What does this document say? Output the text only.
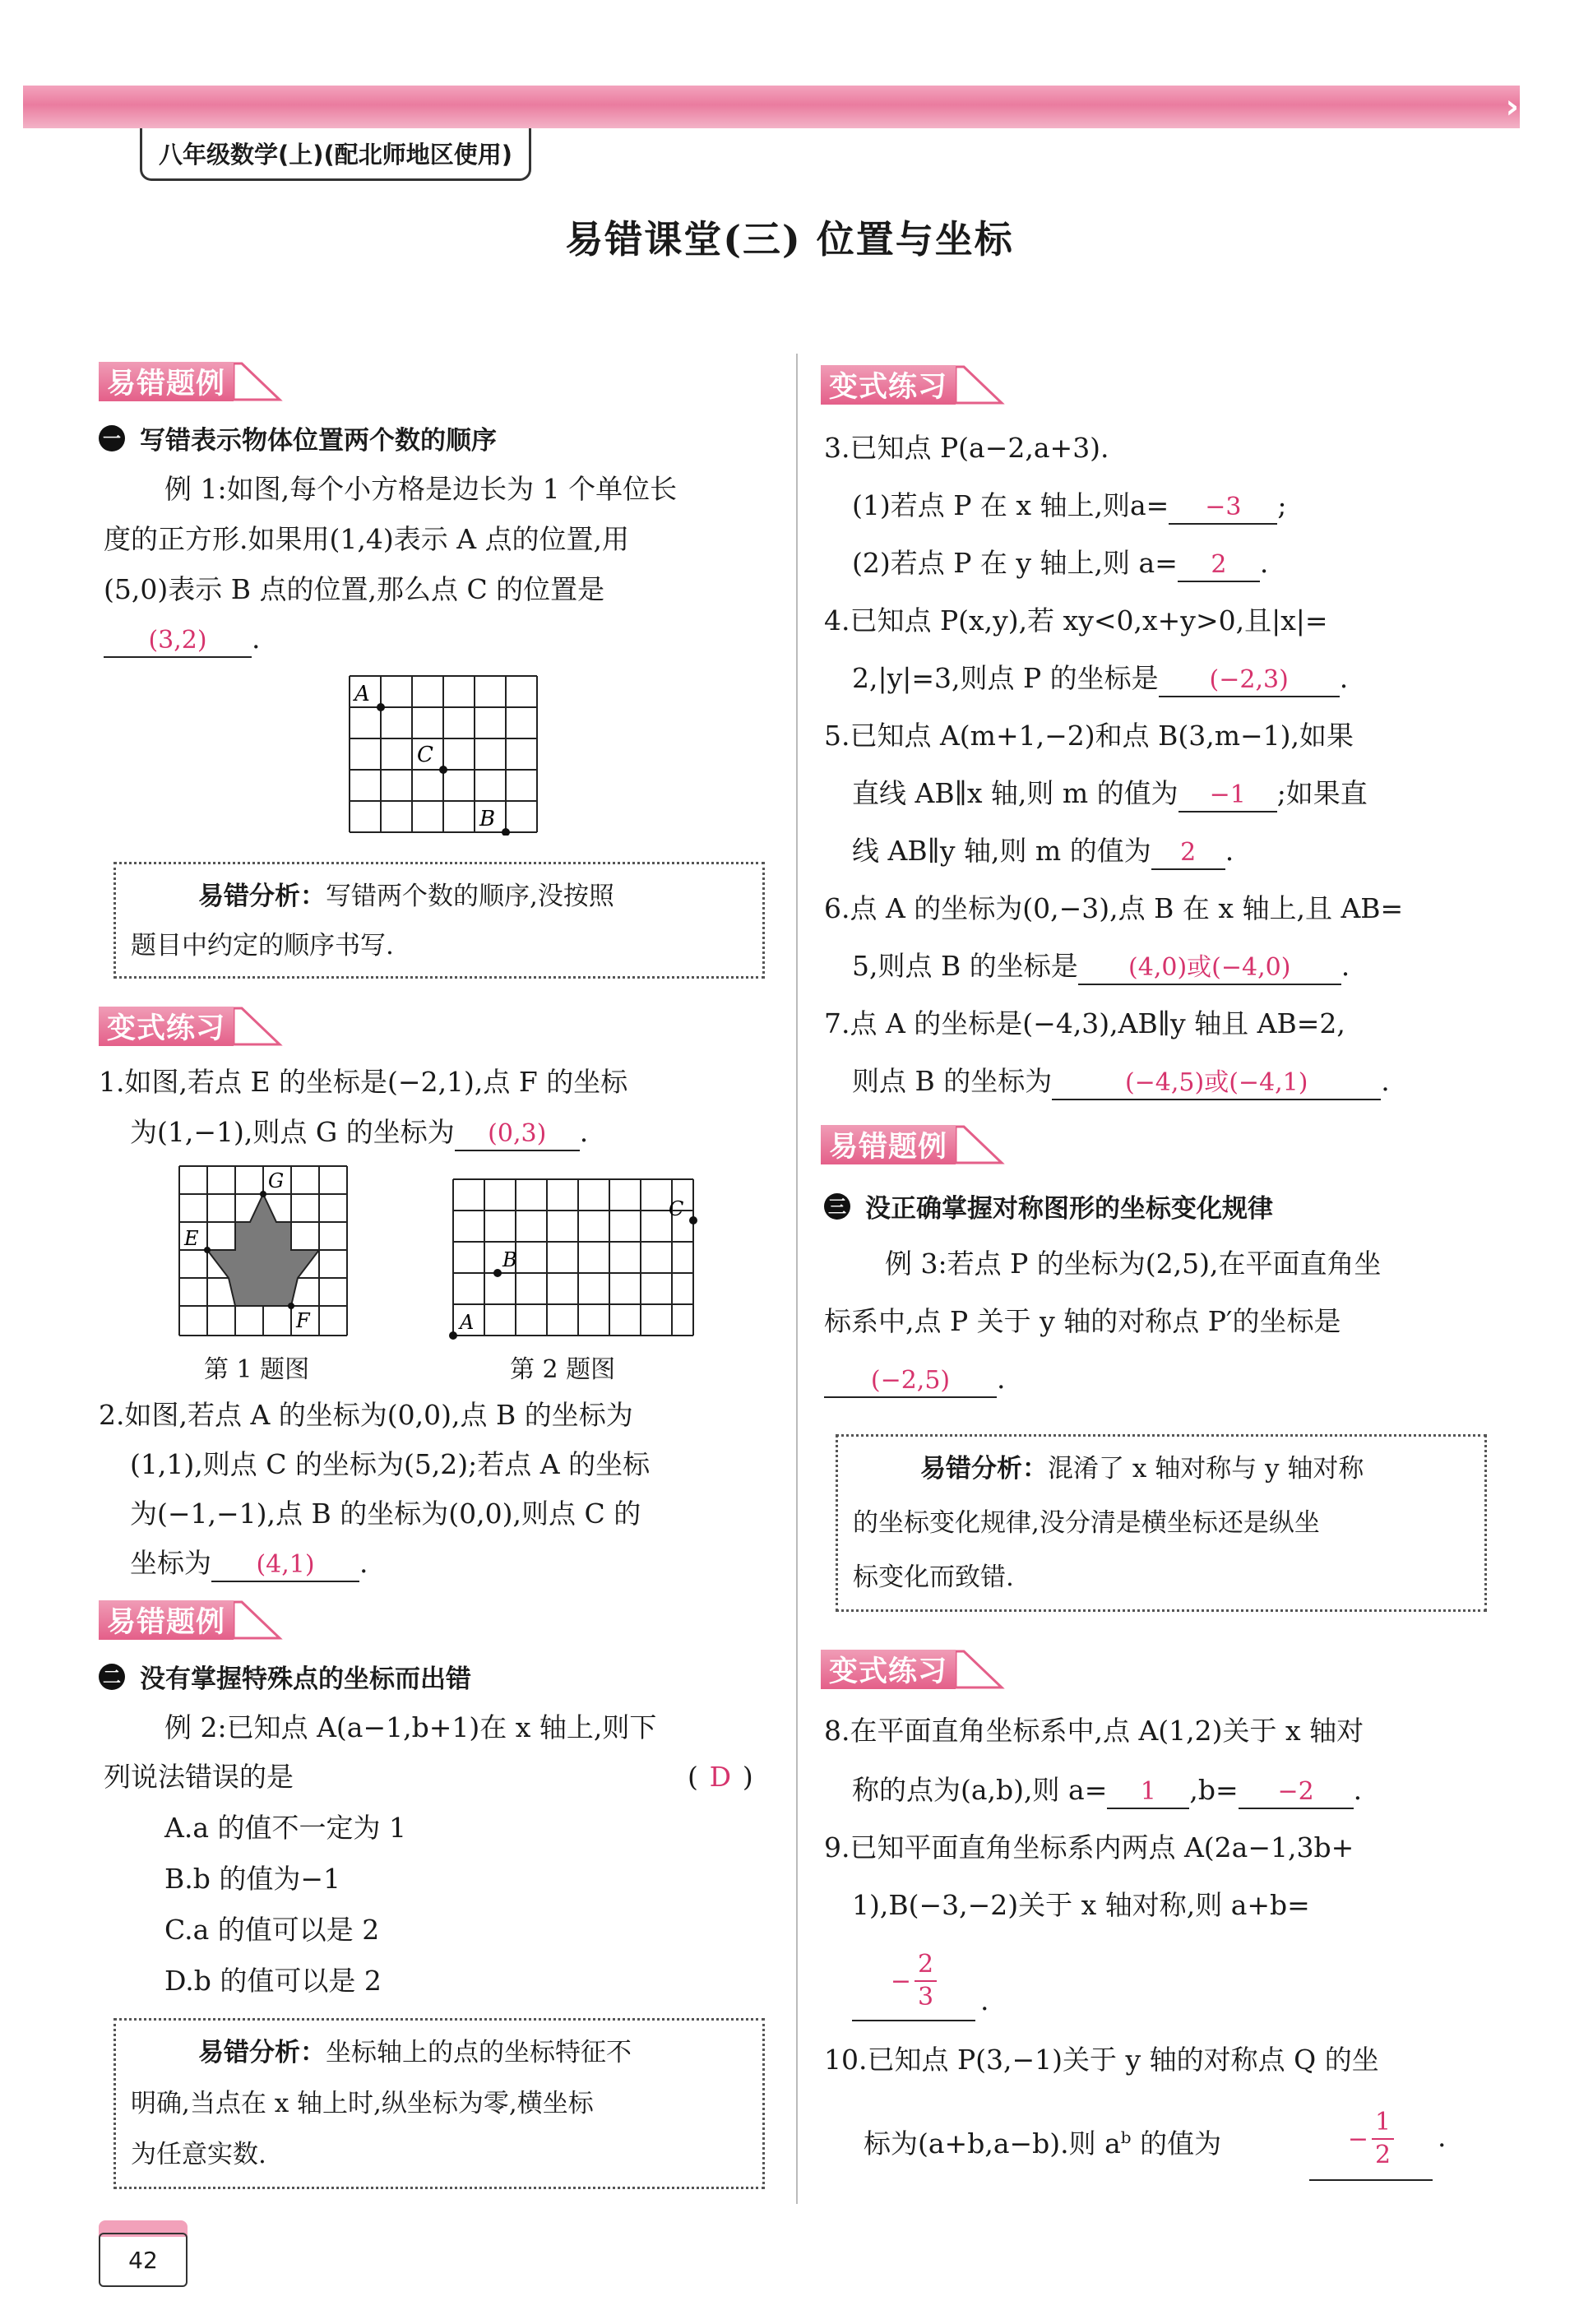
› › ›
八年级数学(上)(配北师地区使用)
易错课堂(三) 位置与坐标
易错题例
一 写错表示物体位置两个数的顺序
例 1:如图,每个小方格是边长为 1 个单位长
度的正方形.如果用(1,4)表示 A 点的位置,用
(5,0)表示 B 点的位置,那么点 C 的位置是
(3,2) .
A
C
B
易错分析：写错两个数的顺序,没按照
题目中约定的顺序书写.
变式练习
1.如图,若点 E 的坐标是(−2,1),点 F 的坐标
为(1,−1),则点 G 的坐标为 (0,3) .
G
E
F	A
B
C
第 1 题图	第 2 题图
2.如图,若点 A 的坐标为(0,0),点 B 的坐标为
(1,1),则点 C 的坐标为(5,2);若点 A 的坐标
为(−1,−1),点 B 的坐标为(0,0),则点 C 的
坐标为 (4,1) .
易错题例
二 没有掌握特殊点的坐标而出错
例 2:已知点 A(a−1,b+1)在 x 轴上,则下
列说法错误的是	( D )
A.a 的值不一定为 1
B.b 的值为−1
C.a 的值可以是 2
D.b 的值可以是 2
易错分析：坐标轴上的点的坐标特征不
明确,当点在 x 轴上时,纵坐标为零,横坐标
为任意实数.
变式练习
3.已知点 P(a−2,a+3).
(1)若点 P 在 x 轴上,则a= −3 ;
(2)若点 P 在 y 轴上,则 a= 2 .
4.已知点 P(x,y),若 xy<0,x+y>0,且|x|=
2,|y|=3,则点 P 的坐标是 (−2,3) .
5.已知点 A(m+1,−2)和点 B(3,m−1),如果
直线 AB∥x 轴,则 m 的值为 −1 ;如果直
线 AB∥y 轴,则 m 的值为 2 .
6.点 A 的坐标为(0,−3),点 B 在 x 轴上,且 AB=
5,则点 B 的坐标是 (4,0)或(−4,0) .
7.点 A 的坐标是(−4,3),AB∥y 轴且 AB=2,
则点 B 的坐标为	(−4,5)或(−4,1)	.
易错题例
三 没正确掌握对称图形的坐标变化规律
例 3:若点 P 的坐标为(2,5),在平面直角坐
标系中,点 P 关于 y 轴的对称点 P′的坐标是
(−2,5) .
易错分析：混淆了 x 轴对称与 y 轴对称
的坐标变化规律,没分清是横坐标还是纵坐
标变化而致错.
变式练习
8.在平面直角坐标系中,点 A(1,2)关于 x 轴对
称的点为(a,b),则 a= 1 ,b= −2 .
9.已知平面直角坐标系内两点 A(2a−1,3b+
1),B(−3,−2)关于 x 轴对称,则 a+b=
− $\frac{2}{3}$ .
10.已知点 P(3,−1)关于 y 轴的对称点 Q 的坐
标为(a+b,a−b).则 $a^b$ 的值为	− $\frac{1}{2}$ .
42
